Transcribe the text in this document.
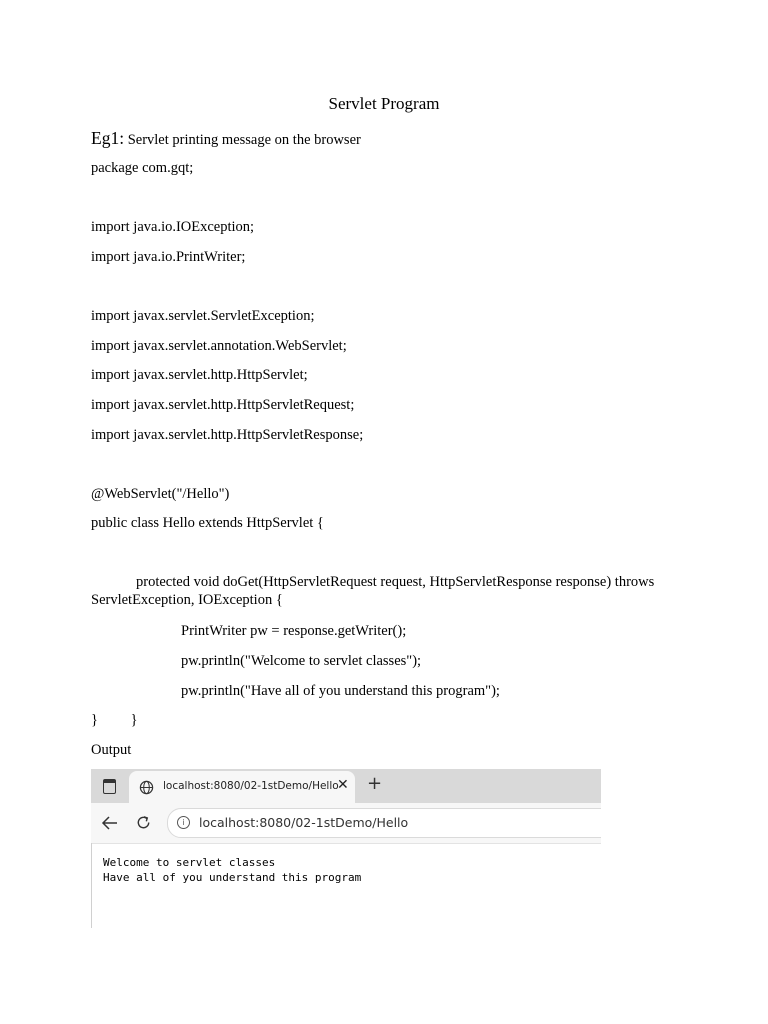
Servlet Program
Eg1: Servlet printing message on the browser
package com.gqt;
import java.io.IOException;
import java.io.PrintWriter;
import javax.servlet.ServletException;
import javax.servlet.annotation.WebServlet;
import javax.servlet.http.HttpServlet;
import javax.servlet.http.HttpServletRequest;
import javax.servlet.http.HttpServletResponse;
@WebServlet("/Hello")
public class Hello extends HttpServlet {
protected void doGet(HttpServletRequest request, HttpServletResponse response) throws ServletException, IOException {
PrintWriter pw = response.getWriter();
pw.println("Welcome to servlet classes");
pw.println("Have all of you understand this program");
}         }
Output
localhost:8080/02-1stDemo/Hello
✕ +
i	localhost:8080/02-1stDemo/Hello
Welcome to servlet classes
Have all of you understand this program
